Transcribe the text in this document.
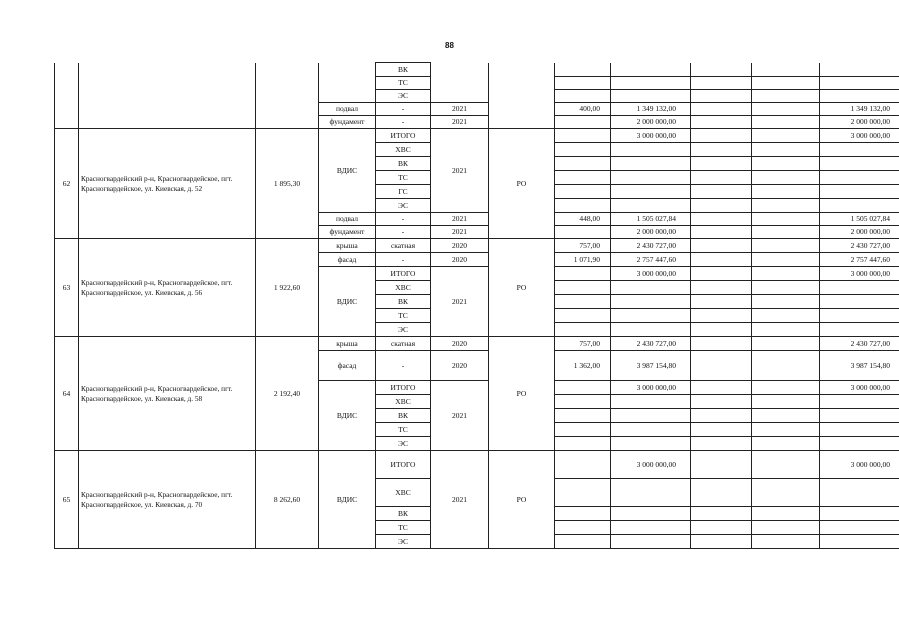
88
				ВК							
				ТС							
				ЭС							
			подвал	-	2021		400,00	1 349 132,00			1 349 132,00
			фундамент	-	2021			2 000 000,00			2 000 000,00
62	Красногвардейский р-н, Красногвардейское, пгт. Красногвардейское, ул. Киевская, д. 52	1 895,30	ВДИС	ИТОГО	2021	РО		3 000 000,00			3 000 000,00
				ХВС							
				ВК							
				ТС							
				ГС							
				ЭС							
			подвал	-	2021		448,00	1 505 027,84			1 505 027,84
			фундамент	-	2021			2 000 000,00			2 000 000,00
63	Красногвардейский р-н, Красногвардейское, пгт. Красногвардейское, ул. Киевская, д. 56	1 922,60	крыша	скатная	2020	РО	757,00	2 430 727,00			2 430 727,00
			фасад	-	2020		1 071,90	2 757 447,60			2 757 447,60
			ВДИС	ИТОГО	2021			3 000 000,00			3 000 000,00
				ХВС							
				ВК							
				ТС							
				ЭС							
64	Красногвардейский р-н, Красногвардейское, пгт. Красногвардейское, ул. Киевская, д. 58	2 192,40	крыша	скатная	2020	РО	757,00	2 430 727,00			2 430 727,00
			фасад	-	2020		1 362,00	3 987 154,80			3 987 154,80
			ВДИС	ИТОГО	2021			3 000 000,00			3 000 000,00
				ХВС							
				ВК							
				ТС							
				ЭС							
65	Красногвардейский р-н, Красногвардейское, пгт. Красногвардейское, ул. Киевская, д. 70	8 262,60	ВДИС	ИТОГО	2021	РО		3 000 000,00			3 000 000,00
				ХВС							
				ВК							
				ТС							
				ЭС							
